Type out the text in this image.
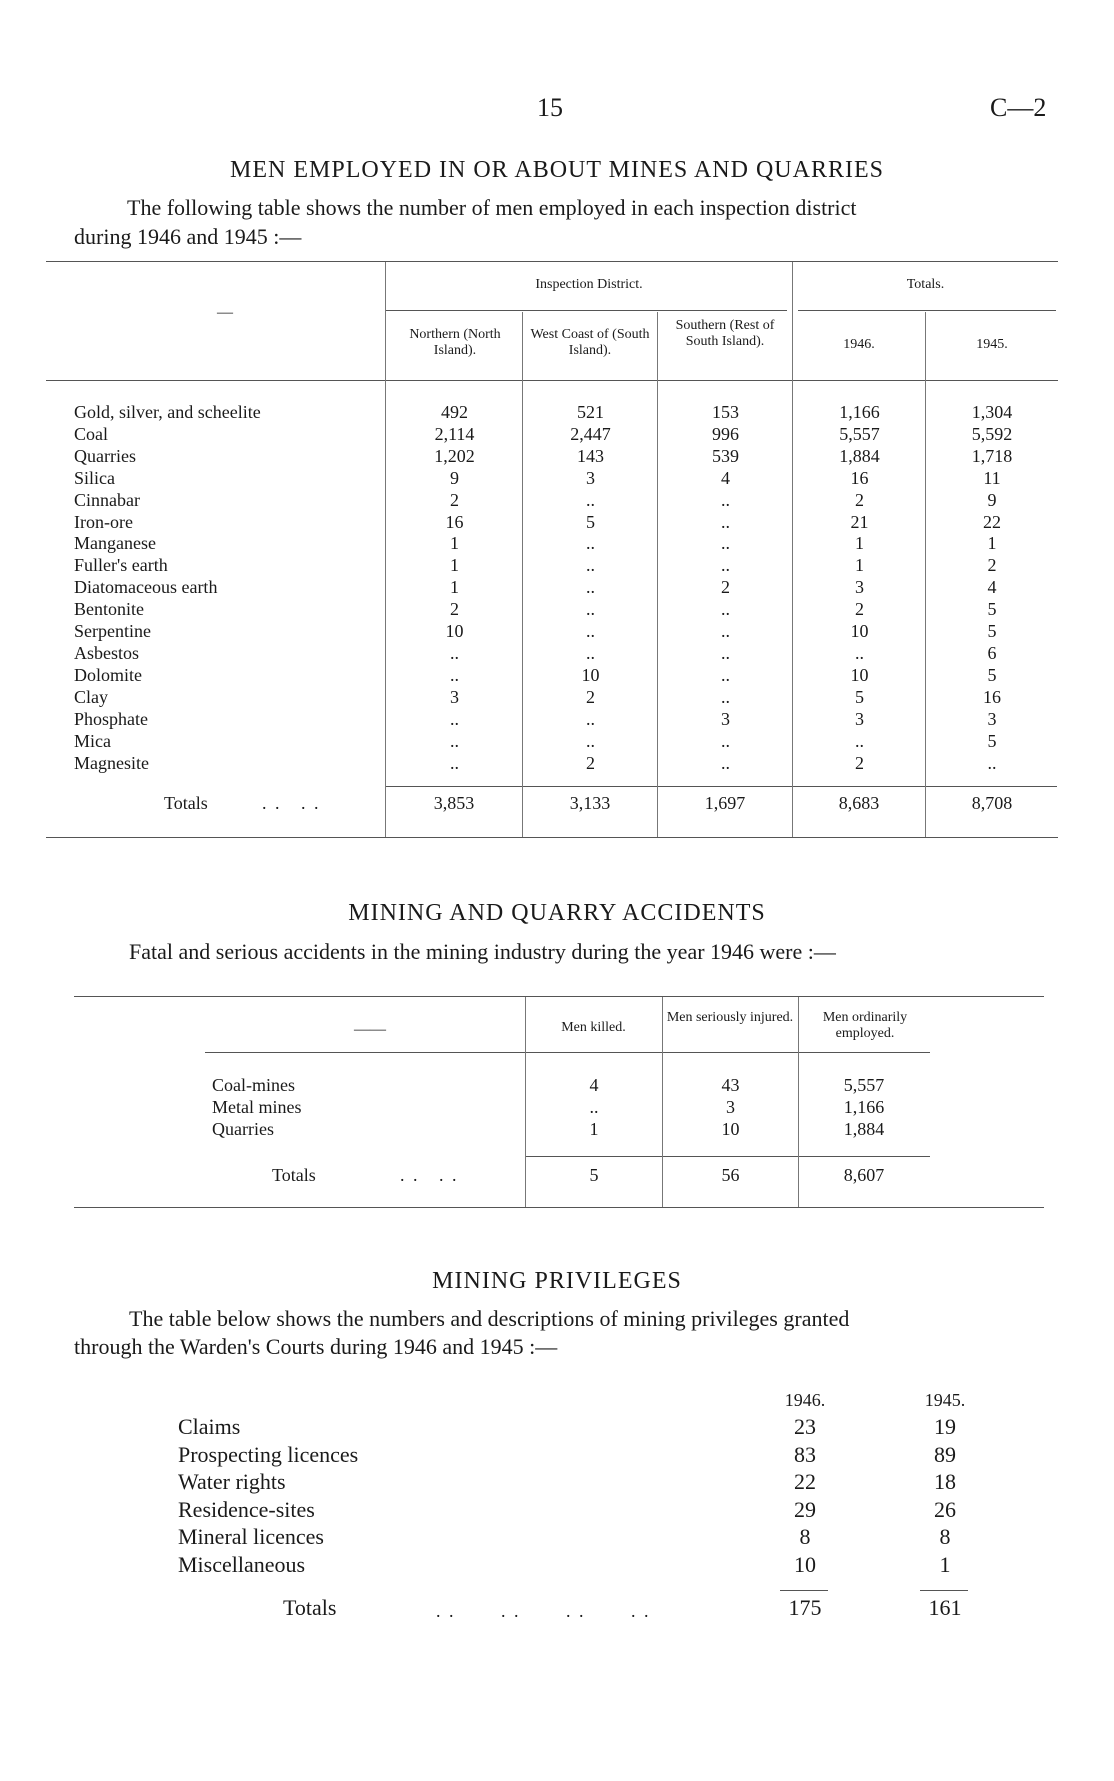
15	C—2
MEN EMPLOYED IN OR ABOUT MINES AND QUARRIES
The following table shows the number of men employed in each inspection district
during 1946 and 1945 :—
—
Inspection District.	Totals.
Northern (North Island).
West Coast of (South Island).
Southern (Rest of South Island).	1946.	1945.
Gold, silver, and scheelite	492	521	153	1,166	1,304
Coal	2,114	2,447	996	5,557	5,592
Quarries	1,202	143	539	1,884	1,718
Silica	9	3	4	16	11
Cinnabar	2	..	..	2	9
Iron-ore	16	5	..	21	22
Manganese	1	..	..	1	1
Fuller's earth	1	..	..	1	2
Diatomaceous earth	1	..	2	3	4
Bentonite	2	..	..	2	5
Serpentine	10	..	..	10	5
Asbestos	..	..	..	..	6
Dolomite	..	10	..	10	5
Clay	3	2	..	5	16
Phosphate	..	..	3	3	3
Mica	..	..	..	..	5
Magnesite	..	2	..	2	..
Totals	. .   . .	3,853	3,133	1,697	8,683	8,708
MINING AND QUARRY ACCIDENTS
Fatal and serious accidents in the mining industry during the year 1946 were :—
——	Men killed.
Men seriously injured.	Men ordinarily employed.
Coal-mines	4	43	5,557
Metal mines	..	3	1,166
Quarries	1	10	1,884
Totals	. .   . .	5	56	8,607
MINING PRIVILEGES
The table below shows the numbers and descriptions of mining privileges granted
through the Warden's Courts during 1946 and 1945 :—
1946.	1945.
Claims	23	19
Prospecting licences	83	89
Water rights	22	18
Residence-sites	29	26
Mineral licences	8	8
Miscellaneous	10	1
Totals	. .       . .       . .       . .	175	161
